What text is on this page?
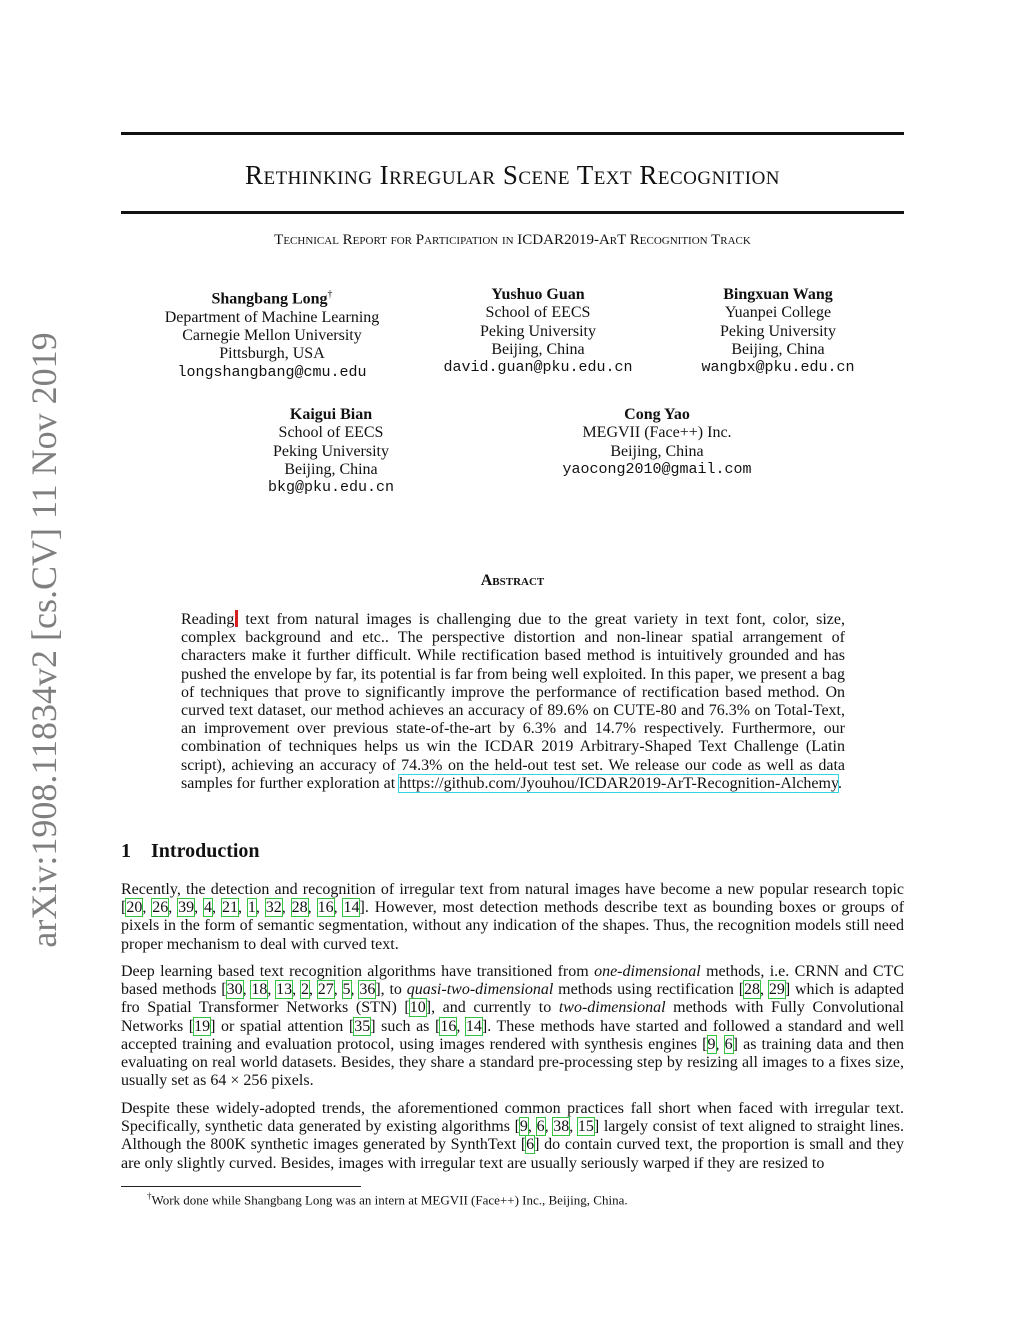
Rethinking Irregular Scene Text Recognition
Technical Report for Participation in ICDAR2019-ArT Recognition Track
arXiv:1908.11834v2 [cs.CV] 11 Nov 2019
Shangbang Long†
Department of Machine Learning
Carnegie Mellon University
Pittsburgh, USA
longshangbang@cmu.edu
Yushuo Guan
School of EECS
Peking University
Beijing, China
david.guan@pku.edu.cn
Bingxuan Wang
Yuanpei College
Peking University
Beijing, China
wangbx@pku.edu.cn
Kaigui Bian
School of EECS
Peking University
Beijing, China
bkg@pku.edu.cn
Cong Yao
MEGVII (Face++) Inc.
Beijing, China
yaocong2010@gmail.com
Abstract
Reading text from natural images is challenging due to the great variety in text font, color, size, complex background and etc.. The perspective distortion and non-linear spatial arrangement of characters make it further difficult. While rectification based method is intuitively grounded and has pushed the envelope by far, its potential is far from being well exploited. In this paper, we present a bag of techniques that prove to significantly improve the performance of rectification based method. On curved text dataset, our method achieves an accuracy of 89.6% on CUTE-80 and 76.3% on Total-Text, an improvement over previous state-of-the-art by 6.3% and 14.7% respectively. Furthermore, our combination of techniques helps us win the ICDAR 2019 Arbitrary-Shaped Text Challenge (Latin script), achieving an accuracy of 74.3% on the held-out test set. We release our code as well as data samples for further exploration at https://github.com/Jyouhou/ICDAR2019-ArT-Recognition-Alchemy.
1 Introduction
Recently, the detection and recognition of irregular text from natural images have become a new popular research topic [20, 26, 39, 4, 21, 1, 32, 28, 16, 14]. However, most detection methods describe text as bounding boxes or groups of pixels in the form of semantic segmentation, without any indication of the shapes. Thus, the recognition models still need proper mechanism to deal with curved text.
Deep learning based text recognition algorithms have transitioned from one-dimensional methods, i.e. CRNN and CTC based methods [30, 18, 13, 2, 27, 5, 36], to quasi-two-dimensional methods using rectification [28, 29] which is adapted fro Spatial Transformer Networks (STN) [10], and currently to two-dimensional methods with Fully Convolutional Networks [19] or spatial attention [35] such as [16, 14]. These methods have started and followed a standard and well accepted training and evaluation protocol, using images rendered with synthesis engines [9, 6] as training data and then evaluating on real world datasets. Besides, they share a standard pre-processing step by resizing all images to a fixes size, usually set as 64 × 256 pixels.
Despite these widely-adopted trends, the aforementioned common practices fall short when faced with irregular text. Specifically, synthetic data generated by existing algorithms [9, 6, 38, 15] largely consist of text aligned to straight lines. Although the 800K synthetic images generated by SynthText [6] do contain curved text, the proportion is small and they are only slightly curved. Besides, images with irregular text are usually seriously warped if they are resized to
†Work done while Shangbang Long was an intern at MEGVII (Face++) Inc., Beijing, China.
